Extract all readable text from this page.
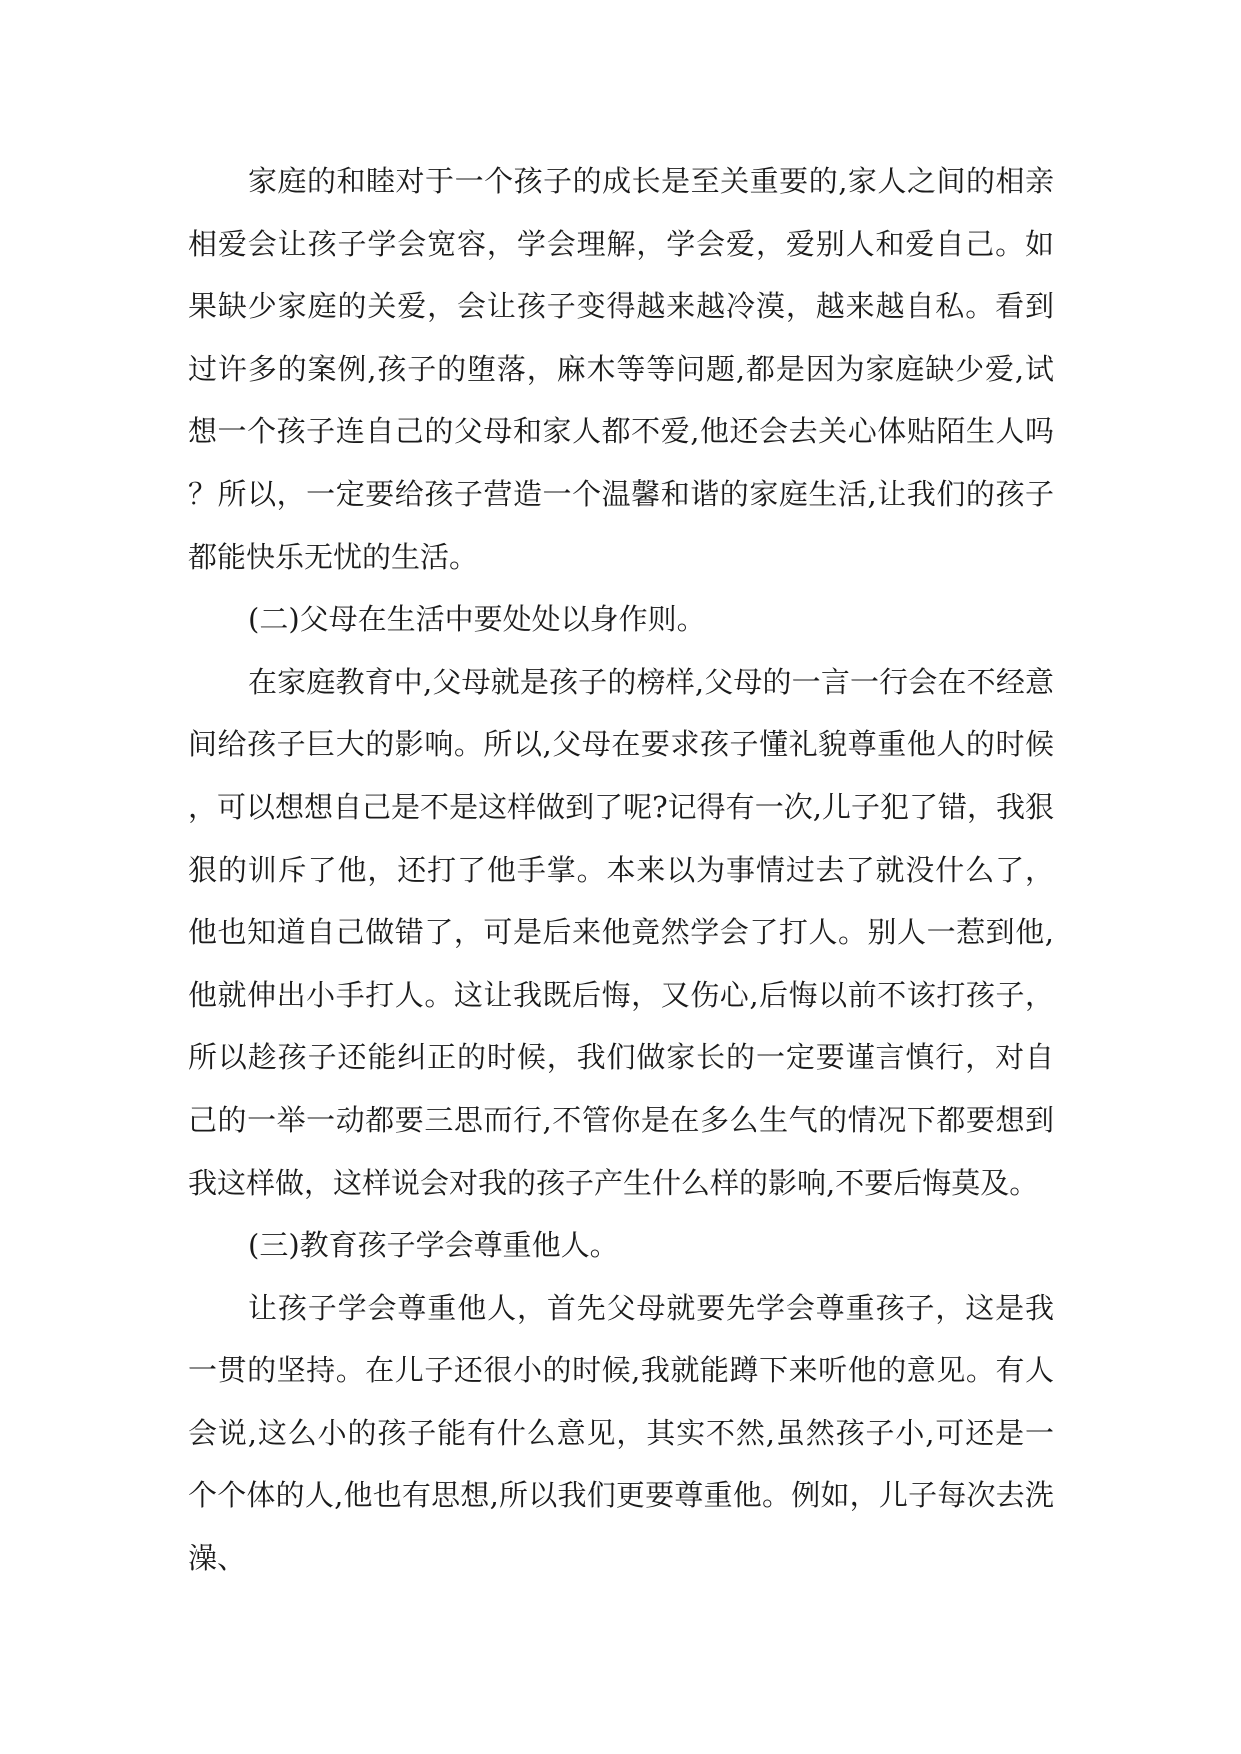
家庭的和睦对于一个孩子的成长是至关重要的,家人之间的相亲相爱会让孩子学会宽容，学会理解，学会爱，爱别人和爱自己。如果缺少家庭的关爱，会让孩子变得越来越冷漠，越来越自私。看到过许多的案例,孩子的堕落，麻木等等问题,都是因为家庭缺少爱,试想一个孩子连自己的父母和家人都不爱,他还会去关心体贴陌生人吗？所以，一定要给孩子营造一个温馨和谐的家庭生活,让我们的孩子都能快乐无忧的生活。

(二)父母在生活中要处处以身作则。

在家庭教育中,父母就是孩子的榜样,父母的一言一行会在不经意间给孩子巨大的影响。所以,父母在要求孩子懂礼貌尊重他人的时候，可以想想自己是不是这样做到了呢?记得有一次,儿子犯了错，我狠狠的训斥了他，还打了他手掌。本来以为事情过去了就没什么了，他也知道自己做错了，可是后来他竟然学会了打人。别人一惹到他,他就伸出小手打人。这让我既后悔，又伤心,后悔以前不该打孩子，所以趁孩子还能纠正的时候，我们做家长的一定要谨言慎行，对自己的一举一动都要三思而行,不管你是在多么生气的情况下都要想到我这样做，这样说会对我的孩子产生什么样的影响,不要后悔莫及。

(三)教育孩子学会尊重他人。

让孩子学会尊重他人，首先父母就要先学会尊重孩子，这是我一贯的坚持。在儿子还很小的时候,我就能蹲下来听他的意见。有人会说,这么小的孩子能有什么意见，其实不然,虽然孩子小,可还是一个个体的人,他也有思想,所以我们更要尊重他。例如，儿子每次去洗澡、
